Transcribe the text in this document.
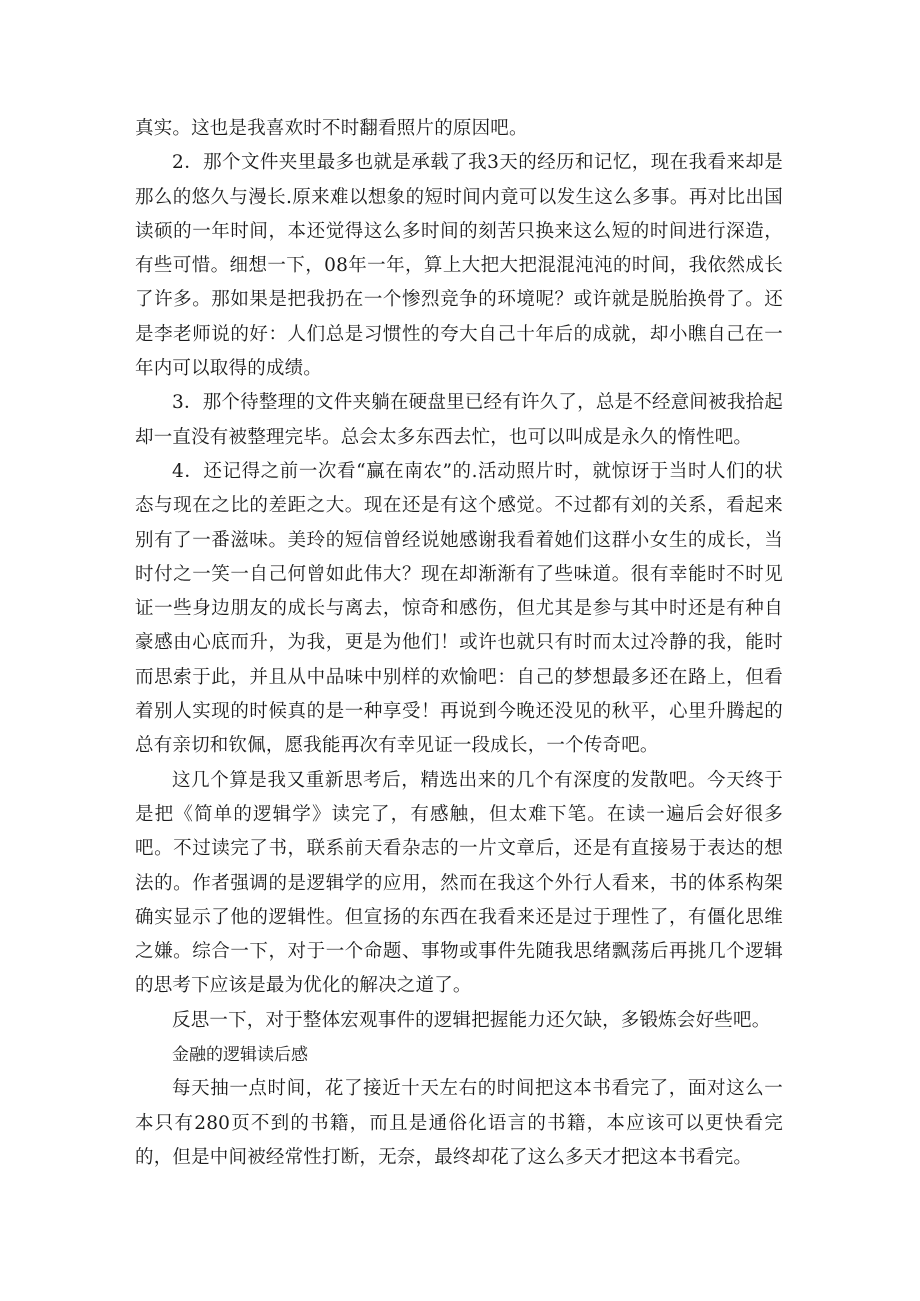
真实。这也是我喜欢时不时翻看照片的原因吧。

2．那个文件夹里最多也就是承载了我3天的经历和记忆，现在我看来却是那么的悠久与漫长.原来难以想象的短时间内竟可以发生这么多事。再对比出国读硕的一年时间，本还觉得这么多时间的刻苦只换来这么短的时间进行深造，有些可惜。细想一下，08年一年，算上大把大把混混沌沌的时间，我依然成长了许多。那如果是把我扔在一个惨烈竞争的环境呢？或许就是脱胎换骨了。还是李老师说的好：人们总是习惯性的夸大自己十年后的成就，却小瞧自己在一年内可以取得的成绩。

3．那个待整理的文件夹躺在硬盘里已经有许久了，总是不经意间被我拾起却一直没有被整理完毕。总会太多东西去忙，也可以叫成是永久的惰性吧。

4．还记得之前一次看“赢在南农”的.活动照片时，就惊讶于当时人们的状态与现在之比的差距之大。现在还是有这个感觉。不过都有刘的关系，看起来别有了一番滋味。美玲的短信曾经说她感谢我看着她们这群小女生的成长，当时付之一笑一自己何曾如此伟大？现在却渐渐有了些味道。很有幸能时不时见证一些身边朋友的成长与离去，惊奇和感伤，但尤其是参与其中时还是有种自豪感由心底而升，为我，更是为他们！或许也就只有时而太过冷静的我，能时而思索于此，并且从中品味中别样的欢愉吧：自己的梦想最多还在路上，但看着别人实现的时候真的是一种享受！再说到今晚还没见的秋平，心里升腾起的总有亲切和钦佩，愿我能再次有幸见证一段成长，一个传奇吧。

这几个算是我又重新思考后，精选出来的几个有深度的发散吧。今天终于是把《简单的逻辑学》读完了，有感触，但太难下笔。在读一遍后会好很多吧。不过读完了书，联系前天看杂志的一片文章后，还是有直接易于表达的想法的。作者强调的是逻辑学的应用，然而在我这个外行人看来，书的体系构架确实显示了他的逻辑性。但宣扬的东西在我看来还是过于理性了，有僵化思维之嫌。综合一下，对于一个命题、事物或事件先随我思绪飘荡后再挑几个逻辑的思考下应该是最为优化的解决之道了。

反思一下，对于整体宏观事件的逻辑把握能力还欠缺，多锻炼会好些吧。

金融的逻辑读后感

每天抽一点时间，花了接近十天左右的时间把这本书看完了，面对这么一本只有280页不到的书籍，而且是通俗化语言的书籍，本应该可以更快看完的，但是中间被经常性打断，无奈，最终却花了这么多天才把这本书看完。
